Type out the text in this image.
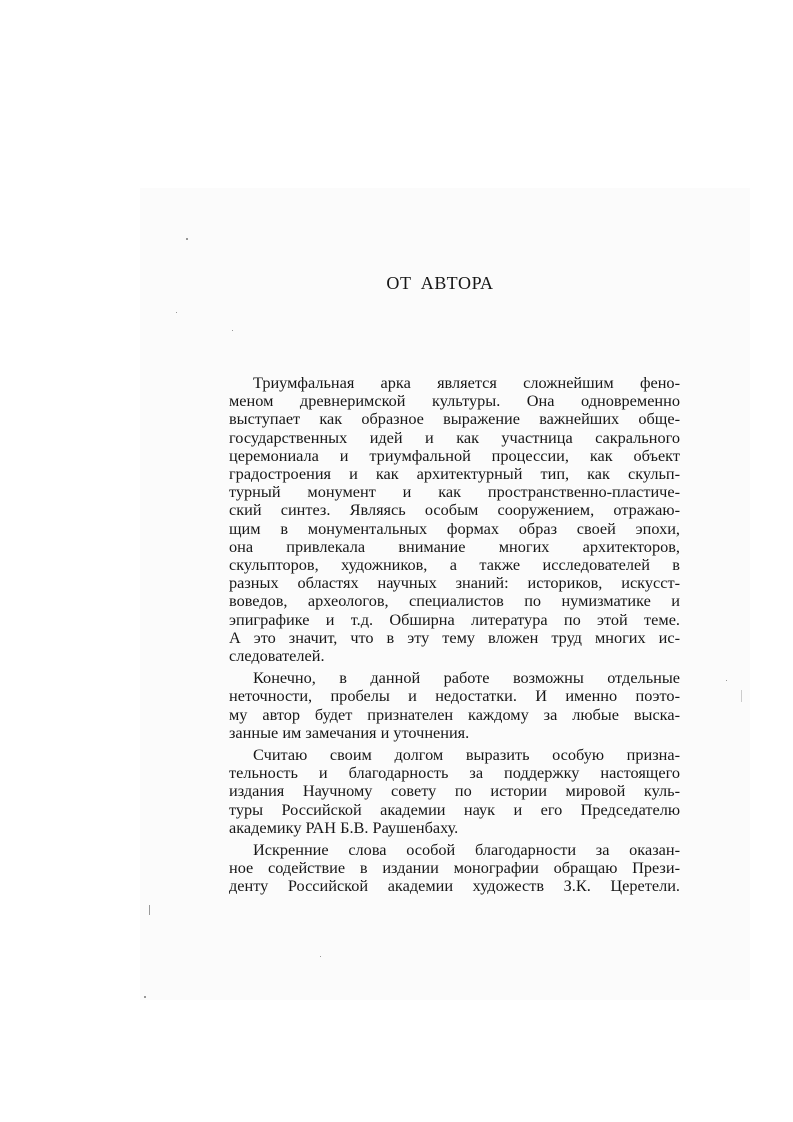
ОТ АВТОРА
Триумфальная арка является сложнейшим фено-
меном древнеримской культуры. Она одновременно
выступает как образное выражение важнейших обще-
государственных идей и как участница сакрального
церемониала и триумфальной процессии, как объект
градостроения и как архитектурный тип, как скульп-
турный монумент и как пространственно-пластиче-
ский синтез. Являясь особым сооружением, отражаю-
щим в монументальных формах образ своей эпохи,
она привлекала внимание многих архитекторов,
скульпторов, художников, а также исследователей в
разных областях научных знаний: историков, искусст-
воведов, археологов, специалистов по нумизматике и
эпиграфике и т.д. Обширна литература по этой теме.
А это значит, что в эту тему вложен труд многих ис-
следователей.
Конечно, в данной работе возможны отдельные
неточности, пробелы и недостатки. И именно поэто-
му автор будет признателен каждому за любые выска-
занные им замечания и уточнения.
Считаю своим долгом выразить особую призна-
тельность и благодарность за поддержку настоящего
издания Научному совету по истории мировой куль-
туры Российской академии наук и его Председателю
академику РАН Б.В. Раушенбаху.
Искренние слова особой благодарности за оказан-
ное содействие в издании монографии обращаю Прези-
денту Российской академии художеств З.К. Церетели.
